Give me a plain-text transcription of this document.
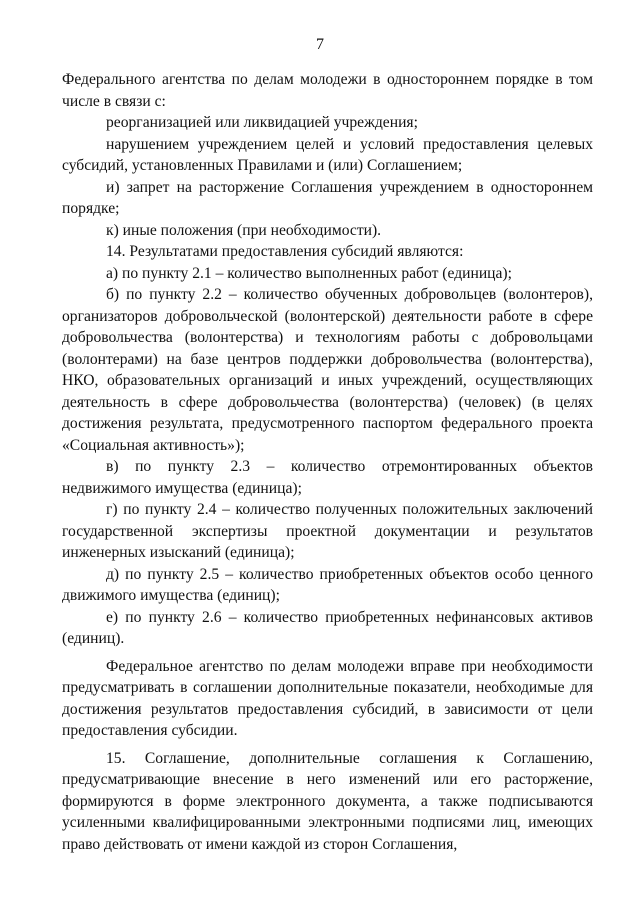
7

Федерального агентства по делам молодежи в одностороннем порядке в том числе в связи с:

реорганизацией или ликвидацией учреждения;

нарушением учреждением целей и условий предоставления целевых субсидий, установленных Правилами и (или) Соглашением;

и) запрет на расторжение Соглашения учреждением в одностороннем порядке;

к) иные положения (при необходимости).

14. Результатами предоставления субсидий являются:

а) по пункту 2.1 – количество выполненных работ (единица);

б) по пункту 2.2 – количество обученных добровольцев (волонтеров), организаторов добровольческой (волонтерской) деятельности работе в сфере добровольчества (волонтерства) и технологиям работы с добровольцами (волонтерами) на базе центров поддержки добровольчества (волонтерства), НКО, образовательных организаций и иных учреждений, осуществляющих деятельность в сфере добровольчества (волонтерства) (человек) (в целях достижения результата, предусмотренного паспортом федерального проекта «Социальная активность»);

в) по пункту 2.3 – количество отремонтированных объектов недвижимого имущества (единица);

г) по пункту 2.4 – количество полученных положительных заключений государственной экспертизы проектной документации и результатов инженерных изысканий (единица);

д) по пункту 2.5 – количество приобретенных объектов особо ценного движимого имущества (единиц);

е) по пункту 2.6 – количество приобретенных нефинансовых активов (единиц).

Федеральное агентство по делам молодежи вправе при необходимости предусматривать в соглашении дополнительные показатели, необходимые для достижения результатов предоставления субсидий, в зависимости от цели предоставления субсидии.

15. Соглашение, дополнительные соглашения к Соглашению, предусматривающие внесение в него изменений или его расторжение, формируются в форме электронного документа, а также подписываются усиленными квалифицированными электронными подписями лиц, имеющих право действовать от имени каждой из сторон Соглашения,
